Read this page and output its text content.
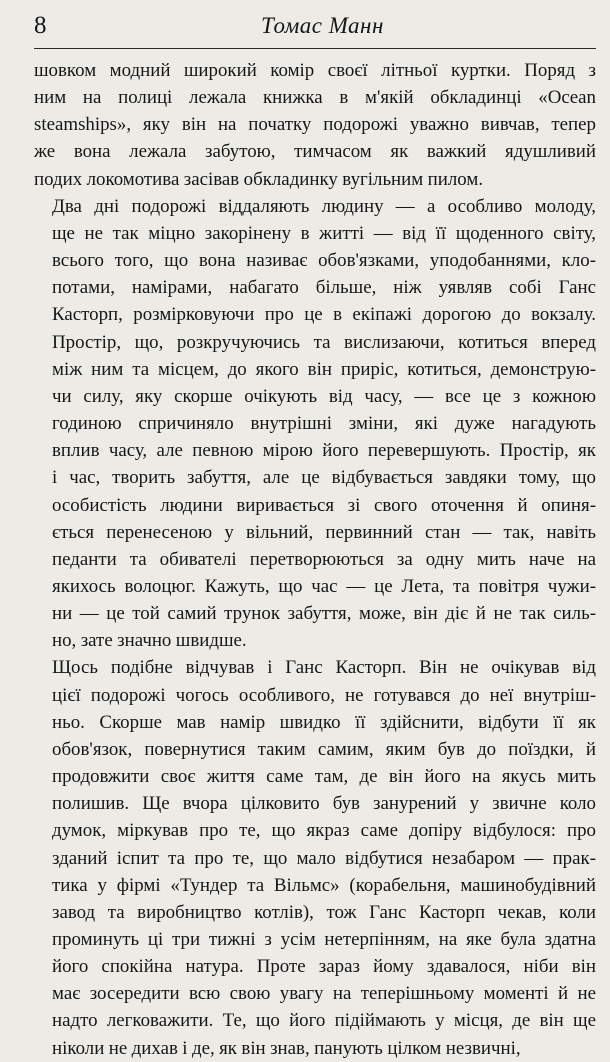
8	Томас Манн

шовком модний широкий комір своєї літньої куртки. Поряд з
ним на полиці лежала книжка в м'якій обкладинці «Ocean
steamships», яку він на початку подорожі уважно вивчав, тепер
же вона лежала забутою, тимчасом як важкий ядушливий
подих локомотива засівав обкладинку вугільним пилом.

Два дні подорожі віддаляють людину — а особливо молоду,
ще не так міцно закорінену в житті — від її щоденного світу,
всього того, що вона називає обов'язками, уподобаннями, кло-
потами, намірами, набагато більше, ніж уявляв собі Ганс
Касторп, розмірковуючи про це в екіпажі дорогою до вокзалу.
Простір, що, розкручуючись та вислизаючи, котиться вперед
між ним та місцем, до якого він приріс, котиться, демонструю-
чи силу, яку скорше очікують від часу, — все це з кожною
годиною спричиняло внутрішні зміни, які дуже нагадують
вплив часу, але певною мірою його перевершують. Простір, як
і час, творить забуття, але це відбувається завдяки тому, що
особистість людини виривається зі свого оточення й опиня-
ється перенесеною у вільний, первинний стан — так, навіть
педанти та обивателі перетворюються за одну мить наче на
якихось волоцюг. Кажуть, що час — це Лета, та повітря чужи-
ни — це той самий трунок забуття, може, він діє й не так силь-
но, зате значно швидше.

Щось подібне відчував і Ганс Касторп. Він не очікував від
цієї подорожі чогось особливого, не готувався до неї внутріш-
ньо. Скорше мав намір швидко її здійснити, відбути її як
обов'язок, повернутися таким самим, яким був до поїздки, й
продовжити своє життя саме там, де він його на якусь мить
полишив. Ще вчора цілковито був занурений у звичне коло
думок, міркував про те, що якраз саме допіру відбулося: про
зданий іспит та про те, що мало відбутися незабаром — прак-
тика у фірмі «Тундер та Вільмс» (корабельня, машинобудівний
завод та виробництво котлів), тож Ганс Касторп чекав, коли
проминуть ці три тижні з усім нетерпінням, на яке була здатна
його спокійна натура. Проте зараз йому здавалося, ніби він
має зосередити всю свою увагу на теперішньому моменті й не
надто легковажити. Те, що його підіймають у місця, де він ще
ніколи не дихав і де, як він знав, панують цілком незвичні,
